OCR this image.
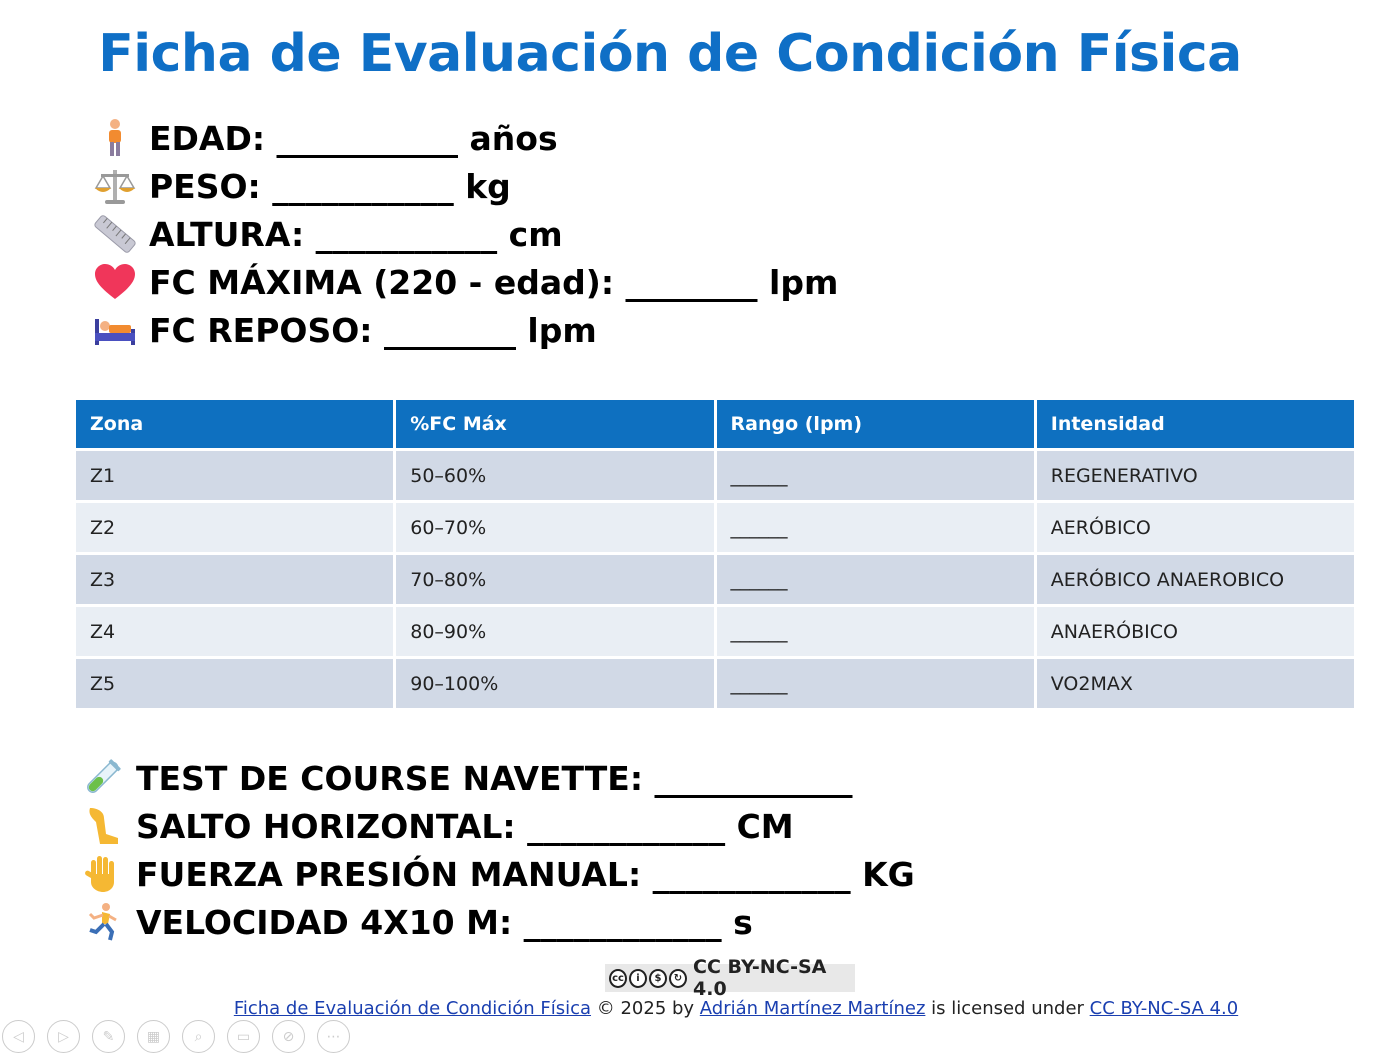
Ficha de Evaluación de Condición Física
EDAD: ___________ años
PESO: ___________ kg
ALTURA: ___________ cm
FC MÁXIMA (220 - edad): ________ lpm
FC REPOSO: ________ lpm
Zona	%FC Máx	Rango (lpm)	Intensidad
Z1	50–60%	______	REGENERATIVO
Z2	60–70%	______	AERÓBICO
Z3	70–80%	______	AERÓBICO ANAEROBICO
Z4	80–90%	______	ANAERÓBICO
Z5	90–100%	______	VO2MAX
TEST DE COURSE NAVETTE: ____________
SALTO HORIZONTAL: ____________ CM
FUERZA PRESIÓN MANUAL: ____________ KG
VELOCIDAD 4X10 M: ____________ s
cc	i	$	↻ CC BY-NC-SA 4.0
Ficha de Evaluación de Condición Física © 2025 by Adrián Martínez Martínez is licensed under CC BY-NC-SA 4.0
◁	▷	✎	▦	⌕	▭	⊘	⋯
